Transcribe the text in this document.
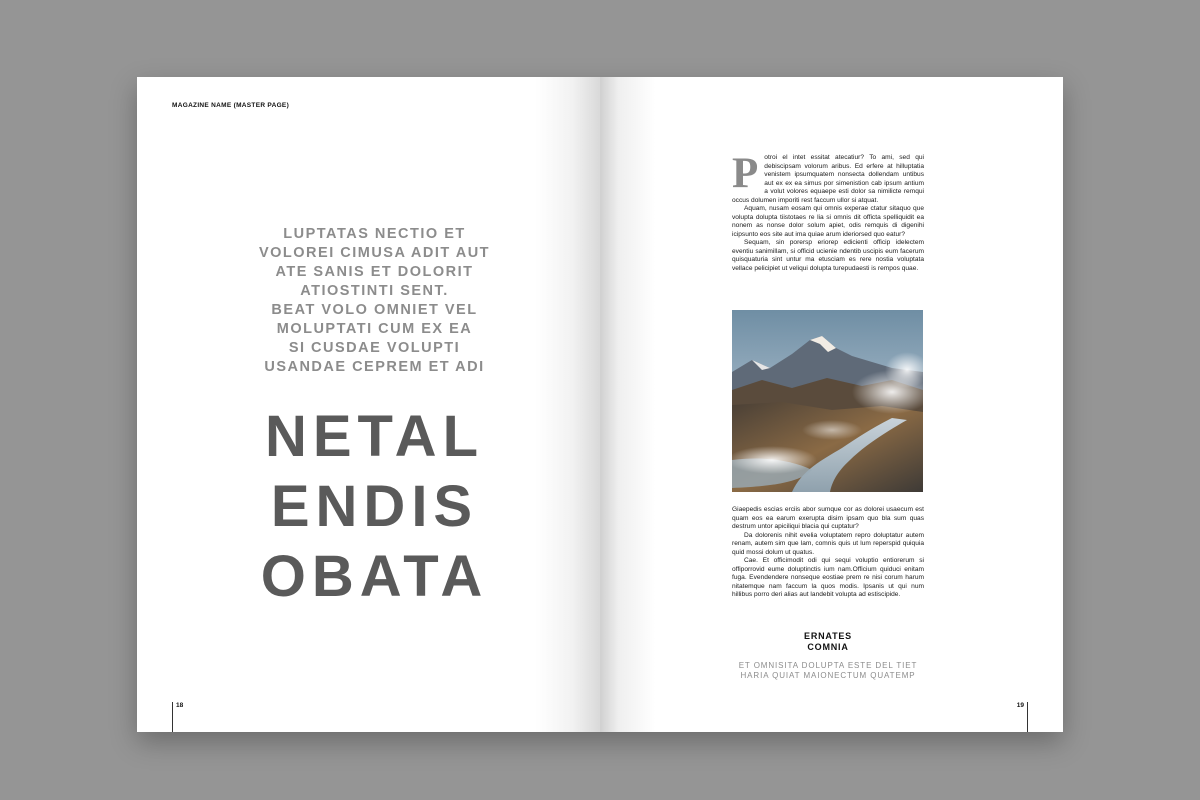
MAGAZINE NAME (MASTER PAGE)
LUPTATAS NECTIO ET
VOLOREI CIMUSA ADIT AUT
ATE SANIS ET DOLORIT
ATIOSTINTI SENT.
BEAT VOLO OMNIET VEL
MOLUPTATI CUM EX EA
SI CUSDAE VOLUPTI
USANDAE CEPREM ET ADI
NETAL
ENDIS
OBATA
18
P otroi el intet essitat atecatiur? To ami, sed qui debiscipsam volorum aribus. Ed erfere at hilluptatia venistem ipsumquatem nonsecta dollendam untibus aut ex ex ea simus por simenistion cab ipsum antium a volut volores equaepe esti dolor sa nimilicte remqui occus dolumen imporiti rest faccum ullor si atquat.

Aquam, nusam eosam qui omnis experae ctatur sitaquo que volupta dolupta tiistotaes re lia si omnis dit officta spelliquidit ea nonem as nonse dolor solum apiet, odis remquis di digenihi icipsunto eos site aut ima quiae arum ideriorsed quo eatur?

Sequam, sin porersp eriorep edicienti officip idelectem eventiu sanimillam, si officid ucienie ndentib uscipis eum facerum quisquaturia sint untur ma etusciam es rere nostia voluptata vellace pelicipiet ut veliqui dolupta turepudaesti is rempos quae.

Giaepedis escias erciis abor sumque cor as dolorei usaecum est quam eos ea earum exerupta disim ipsam quo bla sum quas destrum untor apiciliqui blacia qui cuptatur?

Da dolorenis nihit evelia voluptatem repro doluptatur autem renam, autem sim que lam, comnis quis ut lum reperspid quiquia quid mossi dolum ut quatus.

Cae. Et officimodit odi qui sequi voluptio entiorerum si offiporrovid eume doluptinctis ium nam.Officium quiduci enitam fuga. Evendendere nonseque eostiae prem re nisi corum harum nitatemque nam faccum la quos modis. Ipsanis ut qui num hillibus porro deri alias aut landebit volupta ad estiscipide.

ERNATES
COMNIA
ET OMNISITA DOLUPTA ESTE DEL TIET
HARIA QUIAT MAIONECTUM QUATEMP
19
